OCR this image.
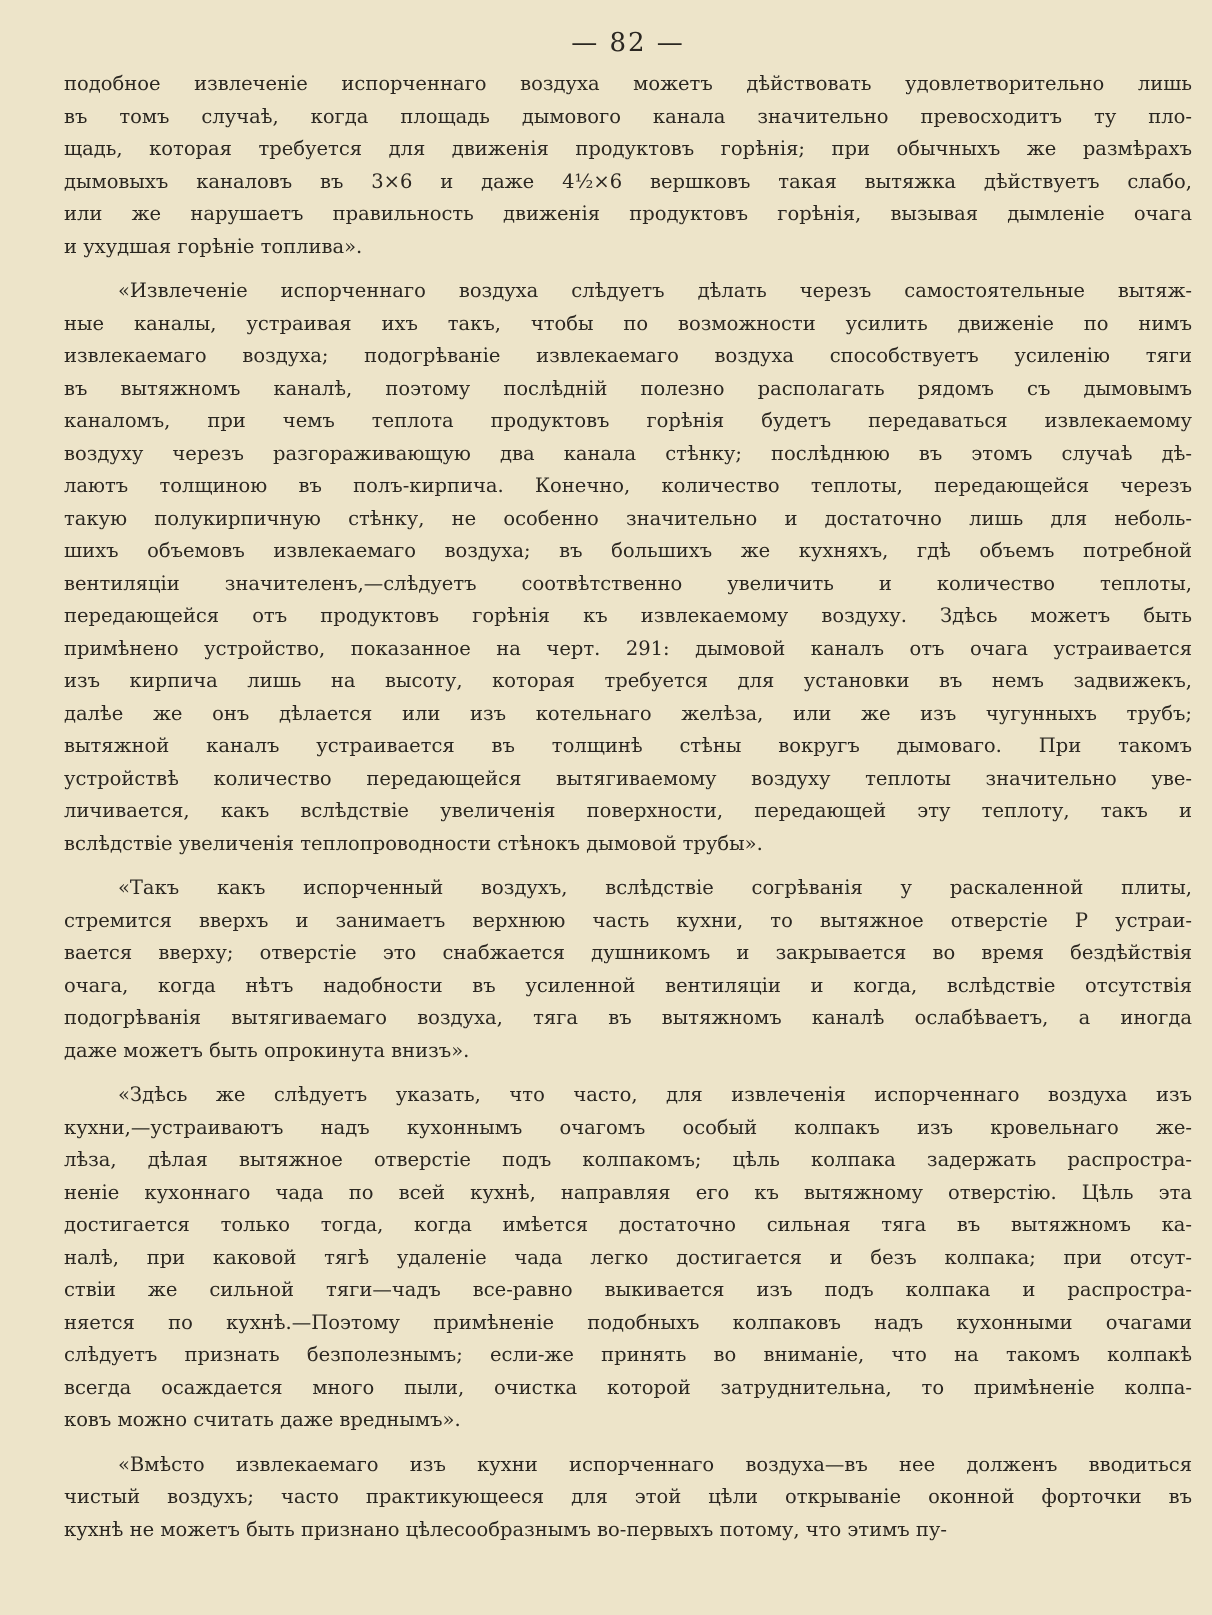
— 82 —
подобное извлеченіе испорченнаго воздуха можетъ дѣйствовать удовлетворительно лишь
въ томъ случаѣ, когда площадь дымового канала значительно превосходитъ ту пло-
щадь, которая требуется для движенія продуктовъ горѣнія; при обычныхъ же размѣрахъ
дымовыхъ каналовъ въ 3×6 и даже 4½×6 вершковъ такая вытяжка дѣйствуетъ слабо,
или же нарушаетъ правильность движенія продуктовъ горѣнія, вызывая дымленіе очага
и ухудшая горѣніе топлива».
«Извлеченіе испорченнаго воздуха слѣдуетъ дѣлать черезъ самостоятельные вытяж-
ные каналы, устраивая ихъ такъ, чтобы по возможности усилить движеніе по нимъ
извлекаемаго воздуха; подогрѣваніе извлекаемаго воздуха способствуетъ усиленію тяги
въ вытяжномъ каналѣ, поэтому послѣдній полезно располагать рядомъ съ дымовымъ
каналомъ, при чемъ теплота продуктовъ горѣнія будетъ передаваться извлекаемому
воздуху черезъ разгораживающую два канала стѣнку; послѣднюю въ этомъ случаѣ дѣ-
лаютъ толщиною въ полъ-кирпича. Конечно, количество теплоты, передающейся черезъ
такую полукирпичную стѣнку, не особенно значительно и достаточно лишь для неболь-
шихъ объемовъ извлекаемаго воздуха; въ большихъ же кухняхъ, гдѣ объемъ потребной
вентиляціи значителенъ,—слѣдуетъ соотвѣтственно увеличить и количество теплоты,
передающейся отъ продуктовъ горѣнія къ извлекаемому воздуху. Здѣсь можетъ быть
примѣнено устройство, показанное на черт. 291: дымовой каналъ отъ очага устраивается
изъ кирпича лишь на высоту, которая требуется для установки въ немъ задвижекъ,
далѣе же онъ дѣлается или изъ котельнаго желѣза, или же изъ чугунныхъ трубъ;
вытяжной каналъ устраивается въ толщинѣ стѣны вокругъ дымоваго. При такомъ
устройствѣ количество передающейся вытягиваемому воздуху теплоты значительно уве-
личивается, какъ вслѣдствіе увеличенія поверхности, передающей эту теплоту, такъ и
вслѣдствіе увеличенія теплопроводности стѣнокъ дымовой трубы».
«Такъ какъ испорченный воздухъ, вслѣдствіе согрѣванія у раскаленной плиты,
стремится вверхъ и занимаетъ верхнюю часть кухни, то вытяжное отверстіе Р устраи-
вается вверху; отверстіе это снабжается душникомъ и закрывается во время бездѣйствія
очага, когда нѣтъ надобности въ усиленной вентиляціи и когда, вслѣдствіе отсутствія
подогрѣванія вытягиваемаго воздуха, тяга въ вытяжномъ каналѣ ослабѣваетъ, а иногда
даже можетъ быть опрокинута внизъ».
«Здѣсь же слѣдуетъ указать, что часто, для извлеченія испорченнаго воздуха изъ
кухни,—устраиваютъ надъ кухоннымъ очагомъ особый колпакъ изъ кровельнаго же-
лѣза, дѣлая вытяжное отверстіе подъ колпакомъ; цѣль колпака задержать распростра-
неніе кухоннаго чада по всей кухнѣ, направляя его къ вытяжному отверстію. Цѣль эта
достигается только тогда, когда имѣется достаточно сильная тяга въ вытяжномъ ка-
налѣ, при каковой тягѣ удаленіе чада легко достигается и безъ колпака; при отсут-
ствіи же сильной тяги—чадъ все-равно выкивается изъ подъ колпака и распростра-
няется по кухнѣ.—Поэтому примѣненіе подобныхъ колпаковъ надъ кухонными очагами
слѣдуетъ признать безполезнымъ; если-же принять во вниманіе, что на такомъ колпакѣ
всегда осаждается много пыли, очистка которой затруднительна, то примѣненіе колпа-
ковъ можно считать даже вреднымъ».
«Вмѣсто извлекаемаго изъ кухни испорченнаго воздуха—въ нее долженъ вводиться
чистый воздухъ; часто практикующееся для этой цѣли открываніе оконной форточки въ
кухнѣ не можетъ быть признано цѣлесообразнымъ во-первыхъ потому, что этимъ пу-
